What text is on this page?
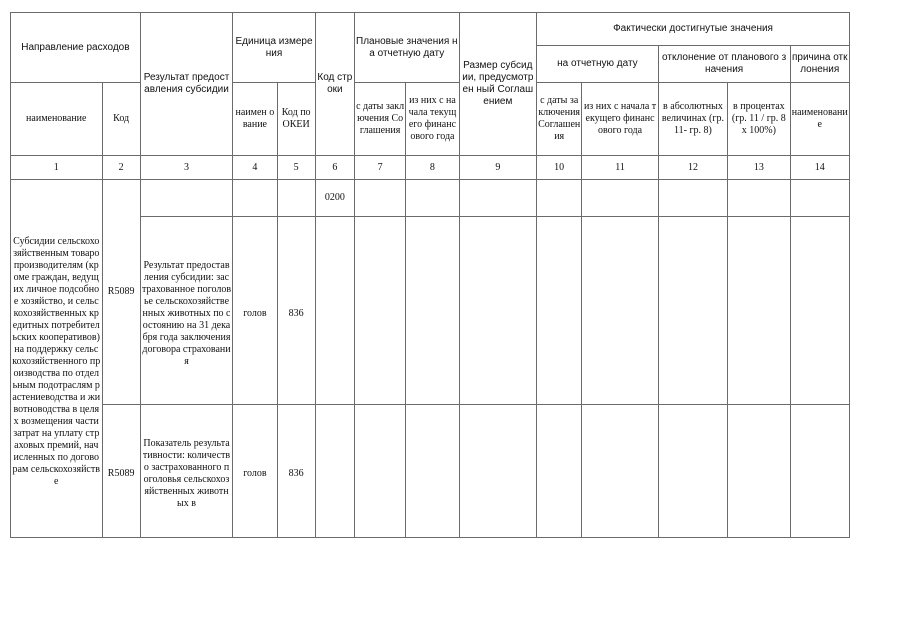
Направление расходов		Результат предоставления субсидии	Единица измерения		Код строки	Плановые значения на отчетную дату		Размер субсидии, предусмотрен ный Соглашением	Фактически достигнутые значения				
									на отчетную дату		отклонение от планового значения		причина отклонения
наименование	Код		наимен ование	Код по ОКЕИ		с даты заключения Соглашения	из них с начала текущего финансового года		с даты заключения Соглашения	из них с начала текущего финансового года	в абсолютных величинах (гр. 11- гр. 8)	в процентах (гр. 11 / гр. 8 x 100%)	наименование
1	2	3	4	5	6	7	8	9	10	11	12	13	14
Субсидии сельскохозяйственным товаропроизводителям (кроме граждан, ведущих личное подсобное хозяйство, и сельскохозяйственных кредитных потребительских кооперативов) на поддержку сельскохозяйственного производства по отдельным подотраслям растениеводства и животноводства в целях возмещения части затрат на уплату страховых премий, начисленных по договорам сельскохозяйстве	R5089				0200								
		Результат предоставления субсидии: застрахованное поголовье сельскохозяйственных животных по состоянию на 31 декабря года заключения договора страхования	голов	836									
	R5089	Показатель результативности: количество застрахованного поголовья сельскохозяйственных животных в	голов	836									
